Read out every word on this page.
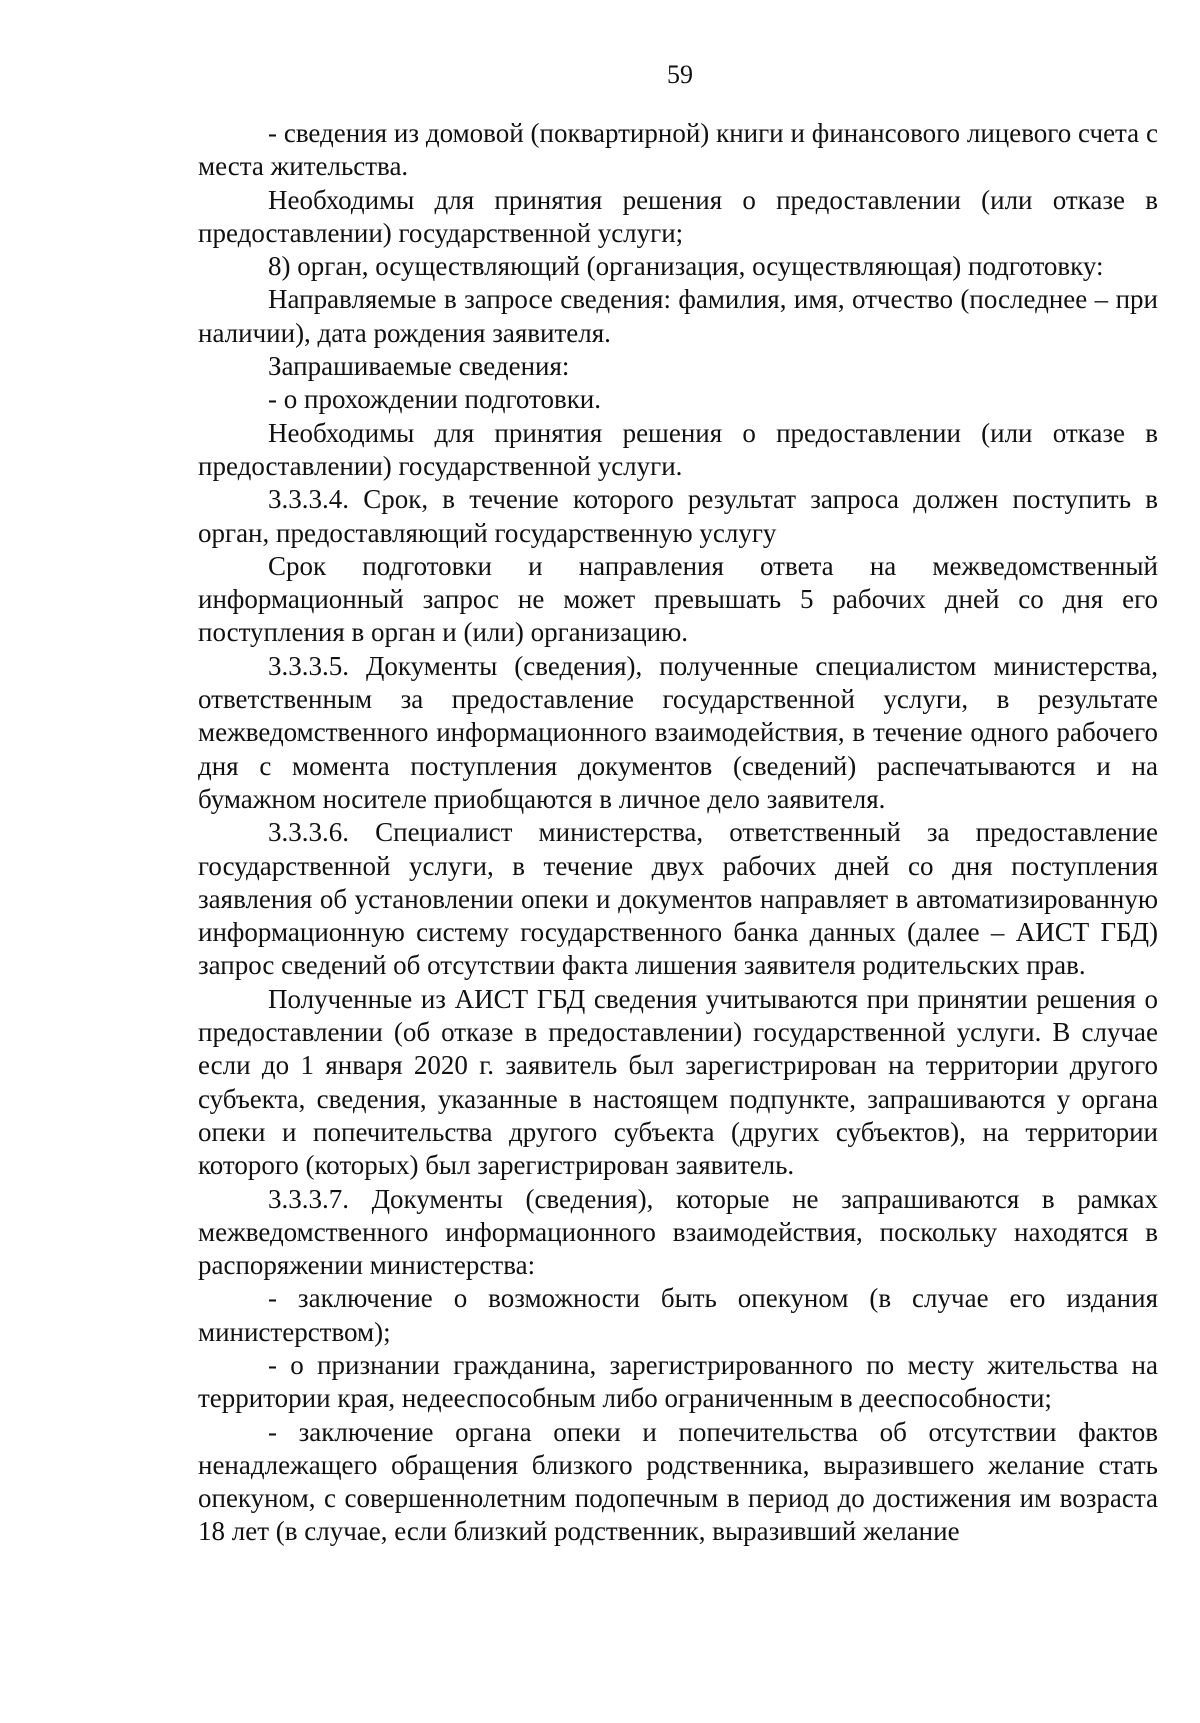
59

- сведения из домовой (поквартирной) книги и финансового лицевого счета с места жительства.

Необходимы для принятия решения о предоставлении (или отказе в предоставлении) государственной услуги;

8) орган, осуществляющий (организация, осуществляющая) подготовку:

Направляемые в запросе сведения: фамилия, имя, отчество (последнее – при наличии), дата рождения заявителя.

Запрашиваемые сведения:

- о прохождении подготовки.

Необходимы для принятия решения о предоставлении (или отказе в предоставлении) государственной услуги.

3.3.3.4. Срок, в течение которого результат запроса должен поступить в орган, предоставляющий государственную услугу

Срок подготовки и направления ответа на межведомственный информационный запрос не может превышать 5 рабочих дней со дня его поступления в орган и (или) организацию.

3.3.3.5. Документы (сведения), полученные специалистом министерства, ответственным за предоставление государственной услуги, в результате межведомственного информационного взаимодействия, в течение одного рабочего дня с момента поступления документов (сведений) распечатываются и на бумажном носителе приобщаются в личное дело заявителя.

3.3.3.6. Специалист министерства, ответственный за предоставление государственной услуги, в течение двух рабочих дней со дня поступления заявления об установлении опеки и документов направляет в автоматизированную информационную систему государственного банка данных (далее – АИСТ ГБД) запрос сведений об отсутствии факта лишения заявителя родительских прав.

Полученные из АИСТ ГБД сведения учитываются при принятии решения о предоставлении (об отказе в предоставлении) государственной услуги. В случае если до 1 января 2020 г. заявитель был зарегистрирован на территории другого субъекта, сведения, указанные в настоящем подпункте, запрашиваются у органа опеки и попечительства другого субъекта (других субъектов), на территории которого (которых) был зарегистрирован заявитель.

3.3.3.7. Документы (сведения), которые не запрашиваются в рамках межведомственного информационного взаимодействия, поскольку находятся в распоряжении министерства:

- заключение о возможности быть опекуном (в случае его издания министерством);

- о признании гражданина, зарегистрированного по месту жительства на территории края, недееспособным либо ограниченным в дееспособности;

- заключение органа опеки и попечительства об отсутствии фактов ненадлежащего обращения близкого родственника, выразившего желание стать опекуном, с совершеннолетним подопечным в период до достижения им возраста 18 лет (в случае, если близкий родственник, выразивший желание
